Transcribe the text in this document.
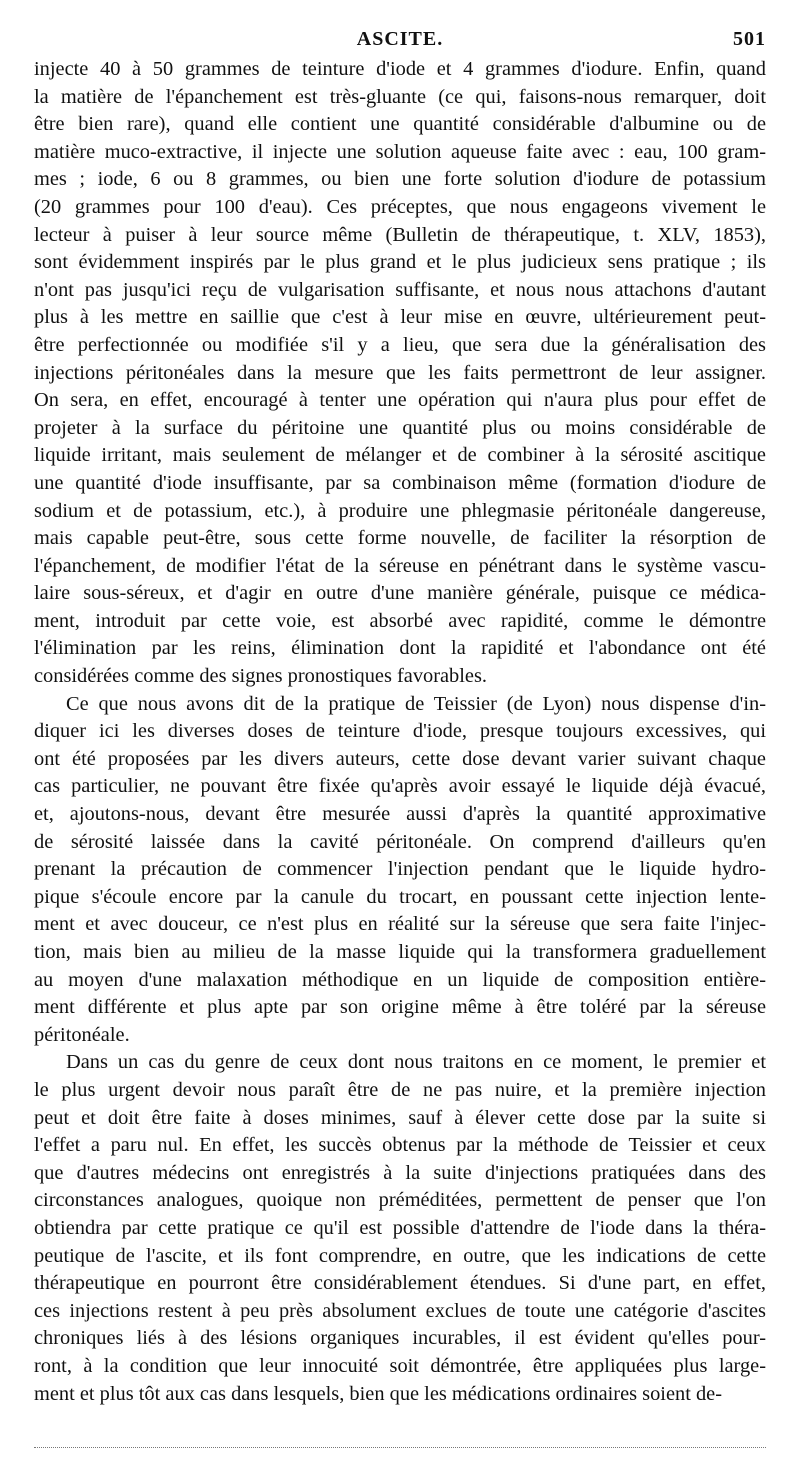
ASCITE.	501
injecte 40 à 50 grammes de teinture d'iode et 4 grammes d'iodure. Enfin, quand
la matière de l'épanchement est très-gluante (ce qui, faisons-nous remarquer, doit
être bien rare), quand elle contient une quantité considérable d'albumine ou de
matière muco-extractive, il injecte une solution aqueuse faite avec : eau, 100 gram-
mes ; iode, 6 ou 8 grammes, ou bien une forte solution d'iodure de potassium
(20 grammes pour 100 d'eau). Ces préceptes, que nous engageons vivement le
lecteur à puiser à leur source même (Bulletin de thérapeutique, t. XLV, 1853),
sont évidemment inspirés par le plus grand et le plus judicieux sens pratique ; ils
n'ont pas jusqu'ici reçu de vulgarisation suffisante, et nous nous attachons d'autant
plus à les mettre en saillie que c'est à leur mise en œuvre, ultérieurement peut-
être perfectionnée ou modifiée s'il y a lieu, que sera due la généralisation des
injections péritonéales dans la mesure que les faits permettront de leur assigner.
On sera, en effet, encouragé à tenter une opération qui n'aura plus pour effet de
projeter à la surface du péritoine une quantité plus ou moins considérable de
liquide irritant, mais seulement de mélanger et de combiner à la sérosité ascitique
une quantité d'iode insuffisante, par sa combinaison même (formation d'iodure de
sodium et de potassium, etc.), à produire une phlegmasie péritonéale dangereuse,
mais capable peut-être, sous cette forme nouvelle, de faciliter la résorption de
l'épanchement, de modifier l'état de la séreuse en pénétrant dans le système vascu-
laire sous-séreux, et d'agir en outre d'une manière générale, puisque ce médica-
ment, introduit par cette voie, est absorbé avec rapidité, comme le démontre
l'élimination par les reins, élimination dont la rapidité et l'abondance ont été
considérées comme des signes pronostiques favorables.
Ce que nous avons dit de la pratique de Teissier (de Lyon) nous dispense d'in-
diquer ici les diverses doses de teinture d'iode, presque toujours excessives, qui
ont été proposées par les divers auteurs, cette dose devant varier suivant chaque
cas particulier, ne pouvant être fixée qu'après avoir essayé le liquide déjà évacué,
et, ajoutons-nous, devant être mesurée aussi d'après la quantité approximative
de sérosité laissée dans la cavité péritonéale. On comprend d'ailleurs qu'en
prenant la précaution de commencer l'injection pendant que le liquide hydro-
pique s'écoule encore par la canule du trocart, en poussant cette injection lente-
ment et avec douceur, ce n'est plus en réalité sur la séreuse que sera faite l'injec-
tion, mais bien au milieu de la masse liquide qui la transformera graduellement
au moyen d'une malaxation méthodique en un liquide de composition entière-
ment différente et plus apte par son origine même à être toléré par la séreuse
péritonéale.
Dans un cas du genre de ceux dont nous traitons en ce moment, le premier et
le plus urgent devoir nous paraît être de ne pas nuire, et la première injection
peut et doit être faite à doses minimes, sauf à élever cette dose par la suite si
l'effet a paru nul. En effet, les succès obtenus par la méthode de Teissier et ceux
que d'autres médecins ont enregistrés à la suite d'injections pratiquées dans des
circonstances analogues, quoique non préméditées, permettent de penser que l'on
obtiendra par cette pratique ce qu'il est possible d'attendre de l'iode dans la théra-
peutique de l'ascite, et ils font comprendre, en outre, que les indications de cette
thérapeutique en pourront être considérablement étendues. Si d'une part, en effet,
ces injections restent à peu près absolument exclues de toute une catégorie d'ascites
chroniques liés à des lésions organiques incurables, il est évident qu'elles pour-
ront, à la condition que leur innocuité soit démontrée, être appliquées plus large-
ment et plus tôt aux cas dans lesquels, bien que les médications ordinaires soient de-
